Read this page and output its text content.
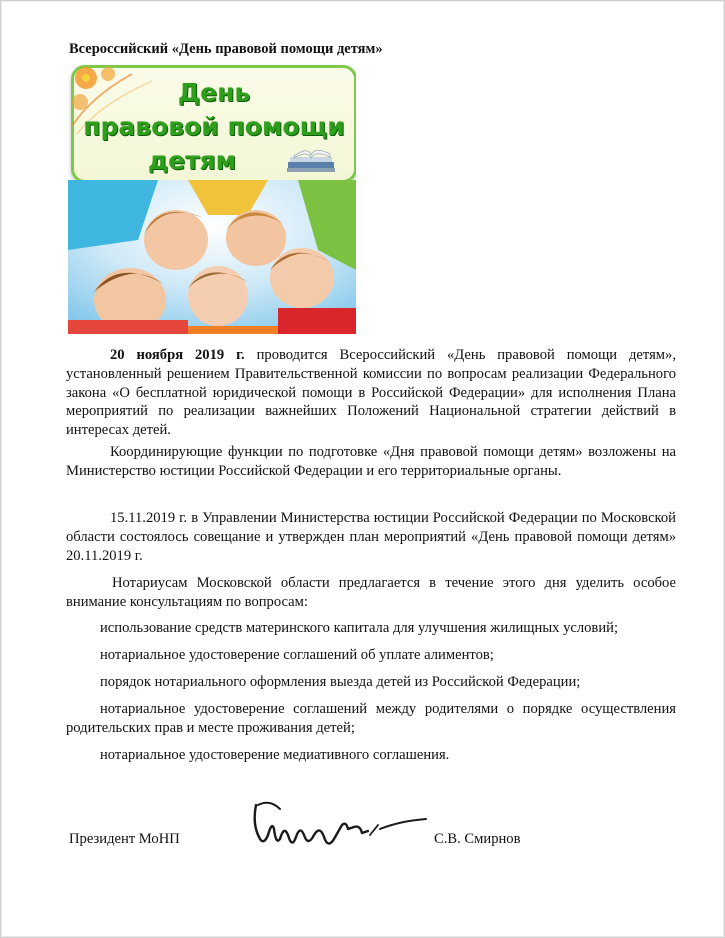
Всероссийский «День правовой помощи детям»
День
правовой помощи
детям
20 ноября 2019 г. проводится Всероссийский «День правовой помощи детям», установленный решением Правительственной комиссии по вопросам реализации Федерального закона «О бесплатной юридической помощи в Российской Федерации» для исполнения Плана мероприятий по реализации важнейших Положений Национальной стратегии действий в интересах детей.
Координирующие функции по подготовке «Дня правовой помощи детям» возложены на Министерство юстиции Российской Федерации и его территориальные органы.
15.11.2019 г. в Управлении Министерства юстиции Российской Федерации по Московской области состоялось совещание и утвержден план мероприятий «День правовой помощи детям» 20.11.2019 г.
Нотариусам Московской области предлагается в течение этого дня уделить особое внимание консультациям по вопросам:
использование средств материнского капитала для улучшения жилищных условий;
нотариальное удостоверение соглашений об уплате алиментов;
порядок нотариального оформления выезда детей из Российской Федерации;
нотариальное удостоверение соглашений между родителями о порядке осуществления родительских прав и месте проживания детей;
нотариальное удостоверение медиативного соглашения.
Президент МоНП	С.В. Смирнов
